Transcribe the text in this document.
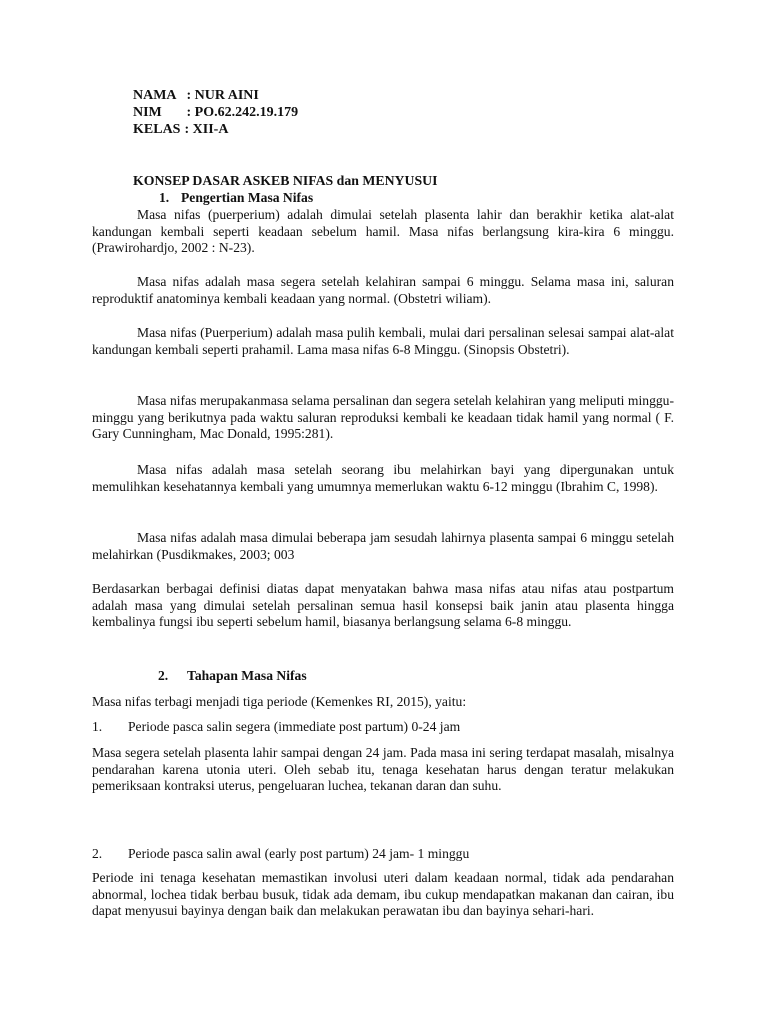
NAMA : NUR AINI

NIM : PO.62.242.19.179

KELAS : XII-A

KONSEP DASAR ASKEB NIFAS dan MENYUSUI

1. Pengertian Masa Nifas

Masa nifas (puerperium) adalah dimulai setelah plasenta lahir dan berakhir ketika alat-alat kandungan kembali seperti keadaan sebelum hamil. Masa nifas berlangsung kira-kira 6 minggu. (Prawirohardjo, 2002 : N-23).

Masa nifas adalah masa segera setelah kelahiran sampai 6 minggu. Selama masa ini, saluran reproduktif anatominya kembali keadaan yang normal. (Obstetri wiliam).

Masa nifas (Puerperium) adalah masa pulih kembali, mulai dari persalinan selesai sampai alat-alat kandungan kembali seperti prahamil. Lama masa nifas 6-8 Minggu. (Sinopsis Obstetri).

Masa nifas merupakanmasa selama persalinan dan segera setelah kelahiran yang meliputi minggu-minggu yang berikutnya pada waktu saluran reproduksi kembali ke keadaan tidak hamil yang normal ( F. Gary Cunningham, Mac Donald, 1995:281).

Masa nifas adalah masa setelah seorang ibu melahirkan bayi yang dipergunakan untuk memulihkan kesehatannya kembali yang umumnya memerlukan waktu 6-12 minggu (Ibrahim C, 1998).

Masa nifas adalah masa dimulai beberapa jam sesudah lahirnya plasenta sampai 6 minggu setelah melahirkan (Pusdikmakes, 2003; 003

Berdasarkan berbagai definisi diatas dapat menyatakan bahwa masa nifas atau nifas atau postpartum adalah masa yang dimulai setelah persalinan semua hasil konsepsi baik janin atau plasenta hingga kembalinya fungsi ibu seperti sebelum hamil, biasanya berlangsung selama 6-8 minggu.

2. Tahapan Masa Nifas

Masa nifas terbagi menjadi tiga periode (Kemenkes RI, 2015), yaitu:

1. Periode pasca salin segera (immediate post partum) 0-24 jam

Masa segera setelah plasenta lahir sampai dengan 24 jam. Pada masa ini sering terdapat masalah, misalnya pendarahan karena utonia uteri. Oleh sebab itu, tenaga kesehatan harus dengan teratur melakukan pemeriksaan kontraksi uterus, pengeluaran luchea, tekanan daran dan suhu.

2. Periode pasca salin awal (early post partum) 24 jam- 1 minggu

Periode ini tenaga kesehatan memastikan involusi uteri dalam keadaan normal, tidak ada pendarahan abnormal, lochea tidak berbau busuk, tidak ada demam, ibu cukup mendapatkan makanan dan cairan, ibu dapat menyusui bayinya dengan baik dan melakukan perawatan ibu dan bayinya sehari-hari.
